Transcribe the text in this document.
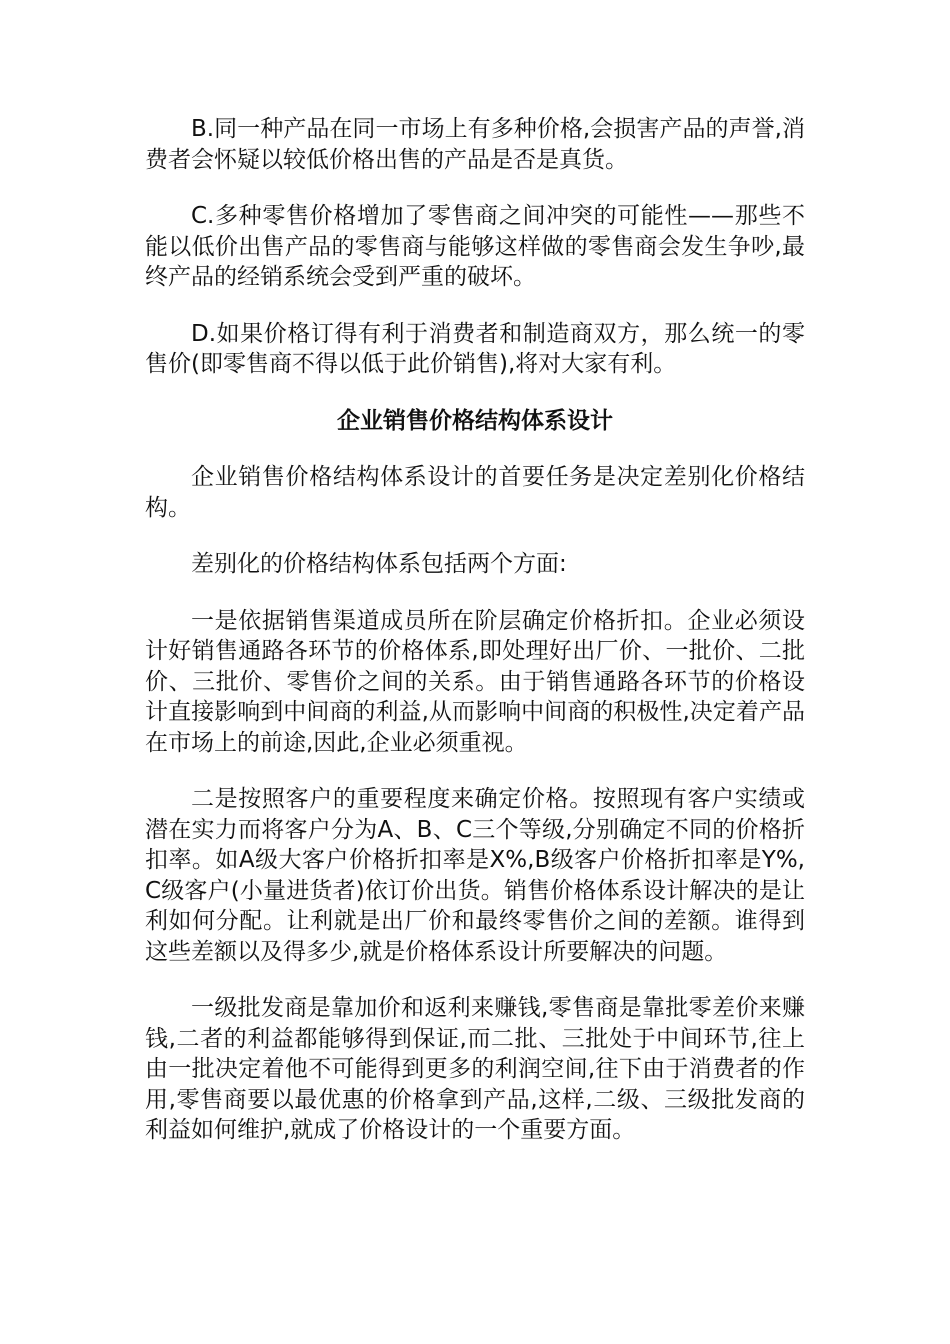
B.同一种产品在同一市场上有多种价格,会损害产品的声誉,消费者会怀疑以较低价格出售的产品是否是真货。

C.多种零售价格增加了零售商之间冲突的可能性——那些不能以低价出售产品的零售商与能够这样做的零售商会发生争吵,最终产品的经销系统会受到严重的破坏。

D.如果价格订得有利于消费者和制造商双方，那么统一的零售价(即零售商不得以低于此价销售),将对大家有利。

企业销售价格结构体系设计

企业销售价格结构体系设计的首要任务是决定差别化价格结构。

差别化的价格结构体系包括两个方面:

一是依据销售渠道成员所在阶层确定价格折扣。企业必须设计好销售通路各环节的价格体系,即处理好出厂价、一批价、二批价、三批价、零售价之间的关系。由于销售通路各环节的价格设计直接影响到中间商的利益,从而影响中间商的积极性,决定着产品在市场上的前途,因此,企业必须重视。

二是按照客户的重要程度来确定价格。按照现有客户实绩或潜在实力而将客户分为A、B、C三个等级,分别确定不同的价格折扣率。如A级大客户价格折扣率是X%,B级客户价格折扣率是Y%,C级客户(小量进货者)依订价出货。销售价格体系设计解决的是让利如何分配。让利就是出厂价和最终零售价之间的差额。谁得到这些差额以及得多少,就是价格体系设计所要解决的问题。

一级批发商是靠加价和返利来赚钱,零售商是靠批零差价来赚钱,二者的利益都能够得到保证,而二批、三批处于中间环节,往上由一批决定着他不可能得到更多的利润空间,往下由于消费者的作用,零售商要以最优惠的价格拿到产品,这样,二级、三级批发商的利益如何维护,就成了价格设计的一个重要方面。
